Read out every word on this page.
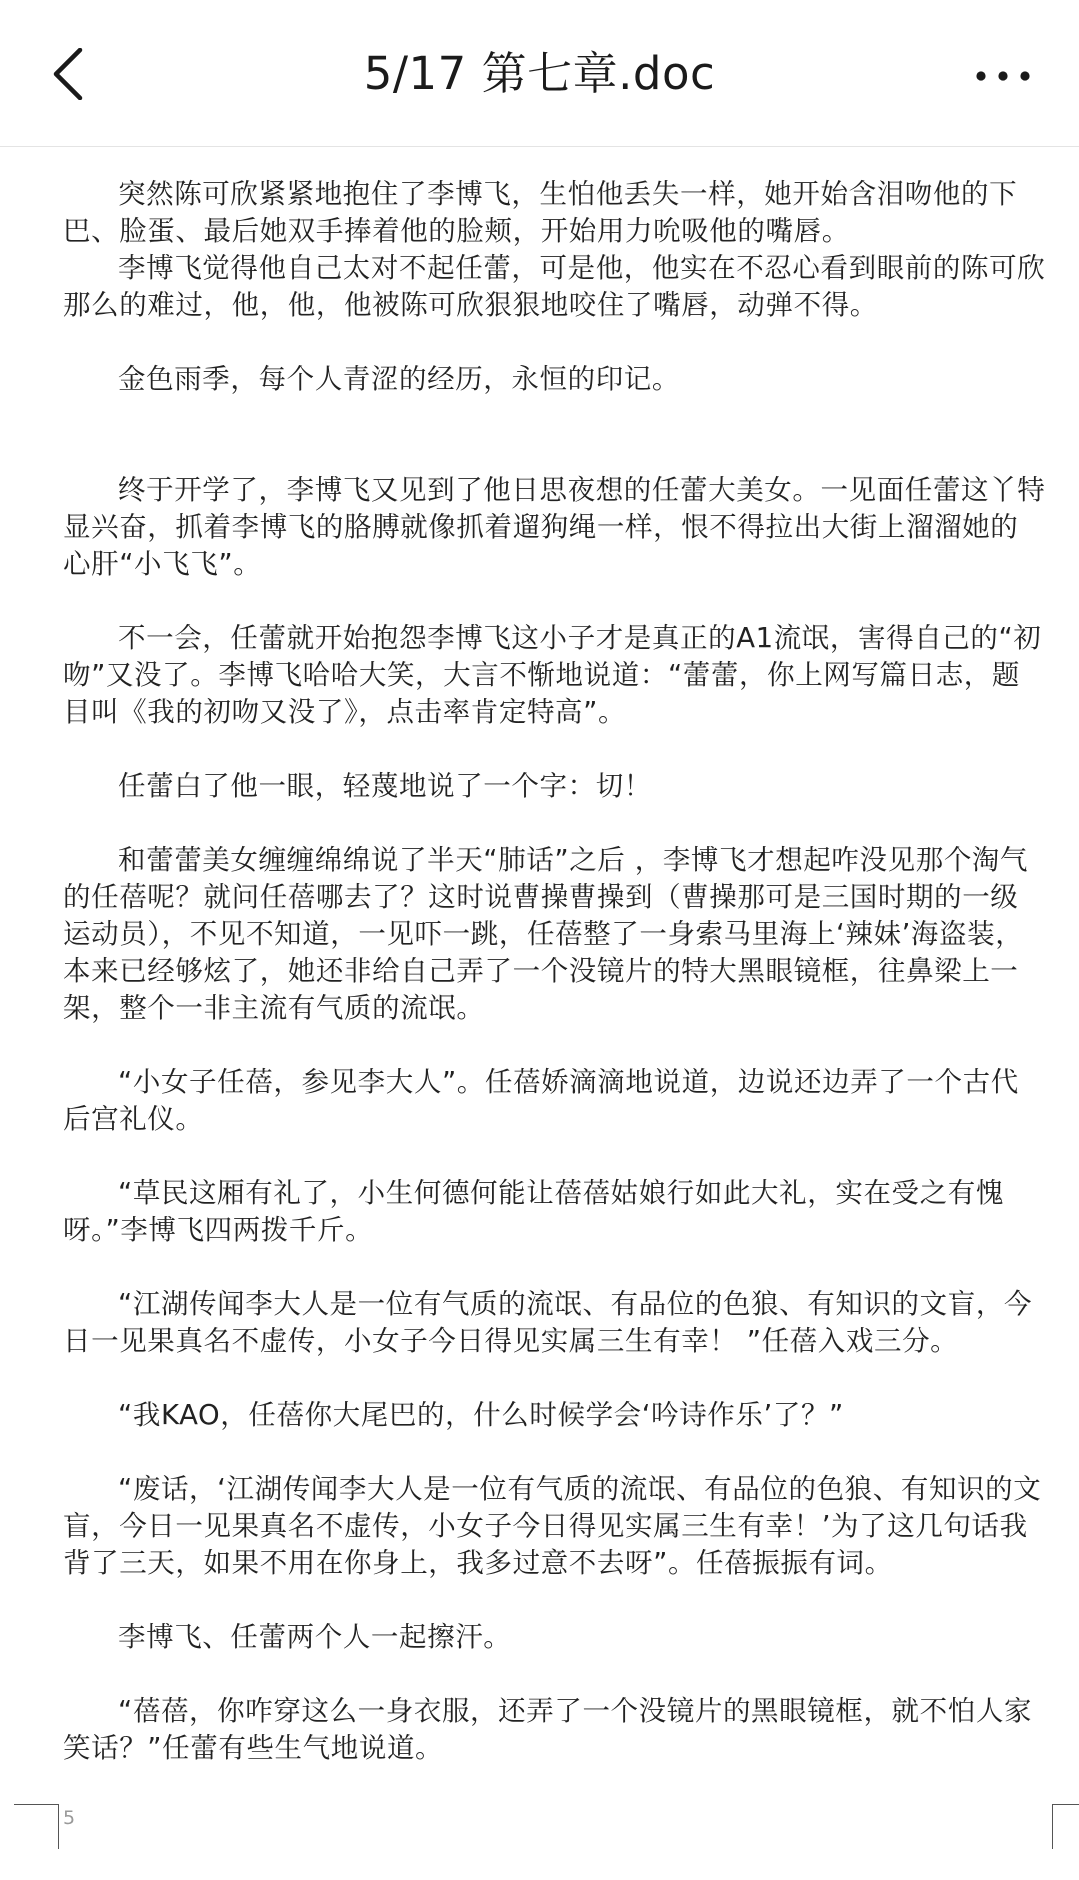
5/17 第七章.doc

突然陈可欣紧紧地抱住了李博飞，生怕他丢失一样，她开始含泪吻他的下巴、脸蛋、最后她双手捧着他的脸颊，开始用力吮吸他的嘴唇。

李博飞觉得他自己太对不起任蕾，可是他，他实在不忍心看到眼前的陈可欣那么的难过，他，他，他被陈可欣狠狠地咬住了嘴唇，动弹不得。

金色雨季，每个人青涩的经历，永恒的印记。

终于开学了，李博飞又见到了他日思夜想的任蕾大美女。一见面任蕾这丫特显兴奋，抓着李博飞的胳膊就像抓着遛狗绳一样，恨不得拉出大街上溜溜她的心肝“小飞飞”。

不一会，任蕾就开始抱怨李博飞这小子才是真正的A1流氓，害得自己的“初吻”又没了。李博飞哈哈大笑，大言不惭地说道：“蕾蕾，你上网写篇日志，题目叫《我的初吻又没了》，点击率肯定特高”。

任蕾白了他一眼，轻蔑地说了一个字：切！

和蕾蕾美女缠缠绵绵说了半天“肺话”之后 ，李博飞才想起咋没见那个淘气的任蓓呢？就问任蓓哪去了？这时说曹操曹操到（曹操那可是三国时期的一级运动员），不见不知道，一见吓一跳，任蓓整了一身索马里海上‘辣妹’海盗装，本来已经够炫了，她还非给自己弄了一个没镜片的特大黑眼镜框，往鼻梁上一架，整个一非主流有气质的流氓。

“小女子任蓓，参见李大人”。任蓓娇滴滴地说道，边说还边弄了一个古代后宫礼仪。

“草民这厢有礼了，小生何德何能让蓓蓓姑娘行如此大礼，实在受之有愧呀。”李博飞四两拨千斤。

“江湖传闻李大人是一位有气质的流氓、有品位的色狼、有知识的文盲，今日一见果真名不虚传，小女子今日得见实属三生有幸！ ”任蓓入戏三分。

“我KAO，任蓓你大尾巴的，什么时候学会‘吟诗作乐’了？”

“废话，‘江湖传闻李大人是一位有气质的流氓、有品位的色狼、有知识的文盲，今日一见果真名不虚传，小女子今日得见实属三生有幸！’为了这几句话我背了三天，如果不用在你身上，我多过意不去呀”。任蓓振振有词。

李博飞、任蕾两个人一起擦汗。

“蓓蓓，你咋穿这么一身衣服，还弄了一个没镜片的黑眼镜框，就不怕人家笑话？”任蕾有些生气地说道。

5
